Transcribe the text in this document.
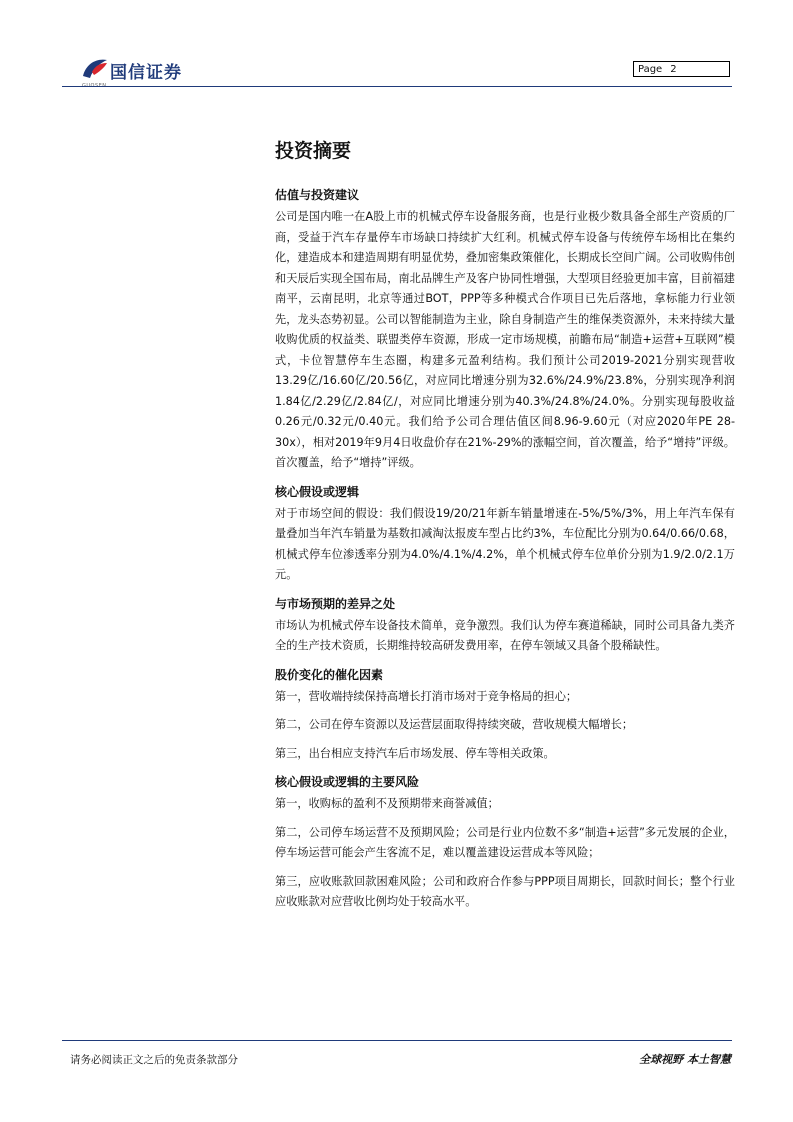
国信证券
GUOSEN
Page 2
投资摘要
估值与投资建议

公司是国内唯一在A股上市的机械式停车设备服务商，也是行业极少数具备全部生产资质的厂商，受益于汽车存量停车市场缺口持续扩大红利。机械式停车设备与传统停车场相比在集约化，建造成本和建造周期有明显优势，叠加密集政策催化，长期成长空间广阔。公司收购伟创和天辰后实现全国布局，南北品牌生产及客户协同性增强，大型项目经验更加丰富，目前福建南平，云南昆明，北京等通过BOT，PPP等多种模式合作项目已先后落地，拿标能力行业领先，龙头态势初显。公司以智能制造为主业，除自身制造产生的维保类资源外，未来持续大量收购优质的权益类、联盟类停车资源，形成一定市场规模，前瞻布局“制造+运营+互联网”模式，卡位智慧停车生态圈，构建多元盈利结构。我们预计公司2019-2021分别实现营收13.29亿/16.60亿/20.56亿，对应同比增速分别为32.6%/24.9%/23.8%，分别实现净利润1.84亿/2.29亿/2.84亿/，对应同比增速分别为40.3%/24.8%/24.0%。分别实现每股收益0.26元/0.32元/0.40元。我们给予公司合理估值区间8.96-9.60元（对应2020年PE 28-30x），相对2019年9月4日收盘价存在21%-29%的涨幅空间，首次覆盖，给予“增持”评级。首次覆盖，给予“增持”评级。

核心假设或逻辑

对于市场空间的假设：我们假设19/20/21年新车销量增速在-5%/5%/3%，用上年汽车保有量叠加当年汽车销量为基数扣减淘汰报废车型占比约3%，车位配比分别为0.64/0.66/0.68，机械式停车位渗透率分别为4.0%/4.1%/4.2%，单个机械式停车位单价分别为1.9/2.0/2.1万元。

与市场预期的差异之处

市场认为机械式停车设备技术简单，竞争激烈。我们认为停车赛道稀缺，同时公司具备九类齐全的生产技术资质，长期维持较高研发费用率，在停车领域又具备个股稀缺性。

股价变化的催化因素

第一，营收端持续保持高增长打消市场对于竞争格局的担心；

第二，公司在停车资源以及运营层面取得持续突破，营收规模大幅增长；

第三，出台相应支持汽车后市场发展、停车等相关政策。

核心假设或逻辑的主要风险

第一，收购标的盈利不及预期带来商誉减值；

第二，公司停车场运营不及预期风险；公司是行业内位数不多“制造+运营”多元发展的企业，停车场运营可能会产生客流不足，难以覆盖建设运营成本等风险；

第三，应收账款回款困难风险；公司和政府合作参与PPP项目周期长，回款时间长；整个行业应收账款对应营收比例均处于较高水平。

请务必阅读正文之后的免责条款部分	全球视野 本土智慧
